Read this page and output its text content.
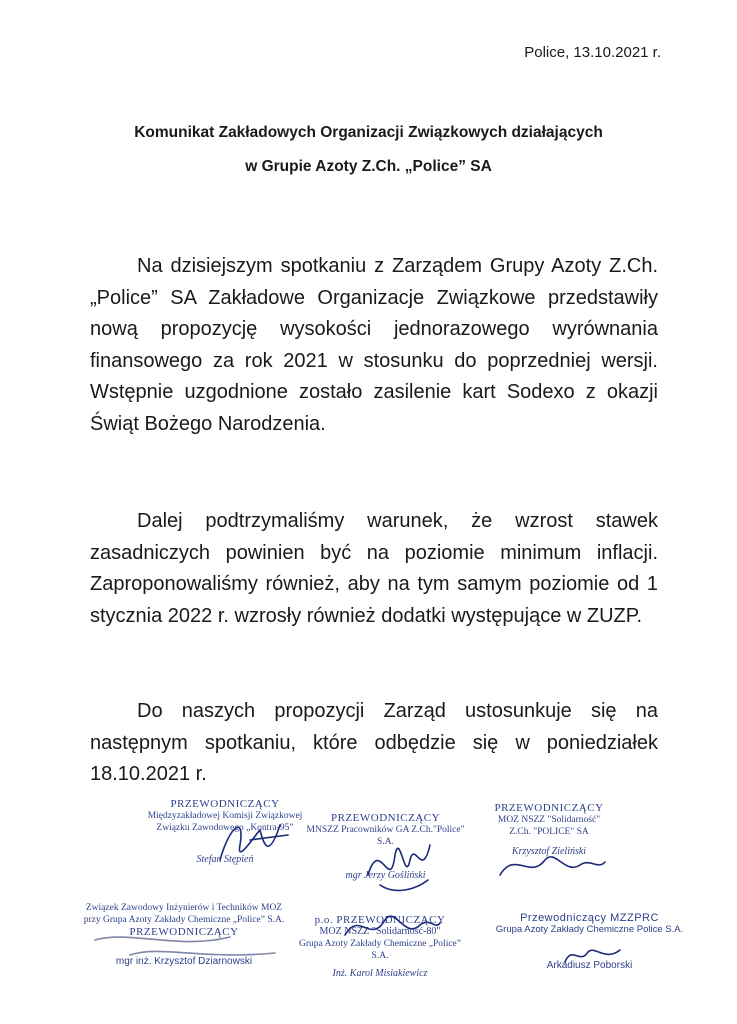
Police, 13.10.2021 r.
Komunikat Zakładowych Organizacji Związkowych działających
w Grupie Azoty Z.Ch. „Police” SA

Na dzisiejszym spotkaniu z Zarządem Grupy Azoty Z.Ch. „Police” SA Zakładowe Organizacje Związkowe przedstawiły nową propozycję wysokości jednorazowego wyrównania finansowego za rok 2021 w stosunku do poprzedniej wersji. Wstępnie uzgodnione zostało zasilenie kart Sodexo z okazji Świąt Bożego Narodzenia.

Dalej podtrzymaliśmy warunek, że wzrost stawek zasadniczych powinien być na poziomie minimum inflacji. Zaproponowaliśmy również, aby na tym samym poziomie od 1 stycznia 2022 r. wzrosły również dodatki występujące w ZUZP.

Do naszych propozycji Zarząd ustosunkuje się na następnym spotkaniu, które odbędzie się w poniedziałek 18.10.2021 r.

PRZEWODNICZĄCY
Międzyzakładowej Komisji Związkowej
Związku Zawodowego „Kontra-95”
Stefan Stępień
PRZEWODNICZĄCY
MNSZZ Pracowników GA Z.Ch."Police" S.A.
mgr Jerzy Gośliński
PRZEWODNICZĄCY
MOZ NSZZ "Solidarność"
Z.Ch. "POLICE" SA
Krzysztof Zieliński
Związek Zawodowy Inżynierów i Techników MOZ
przy Grupa Azoty Zakłady Chemiczne „Police” S.A.
PRZEWODNICZĄCY
mgr inż. Krzysztof Dziarnowski
p.o. PRZEWODNICZĄCY
MOZ NSZZ "Solidarność-80"
Grupa Azoty Zakłady Chemiczne „Police” S.A.
Inż. Karol Misiakiewicz
Przewodniczący MZZPRC
Grupa Azoty Zakłady Chemiczne Police S.A.
Arkadiusz Poborski
